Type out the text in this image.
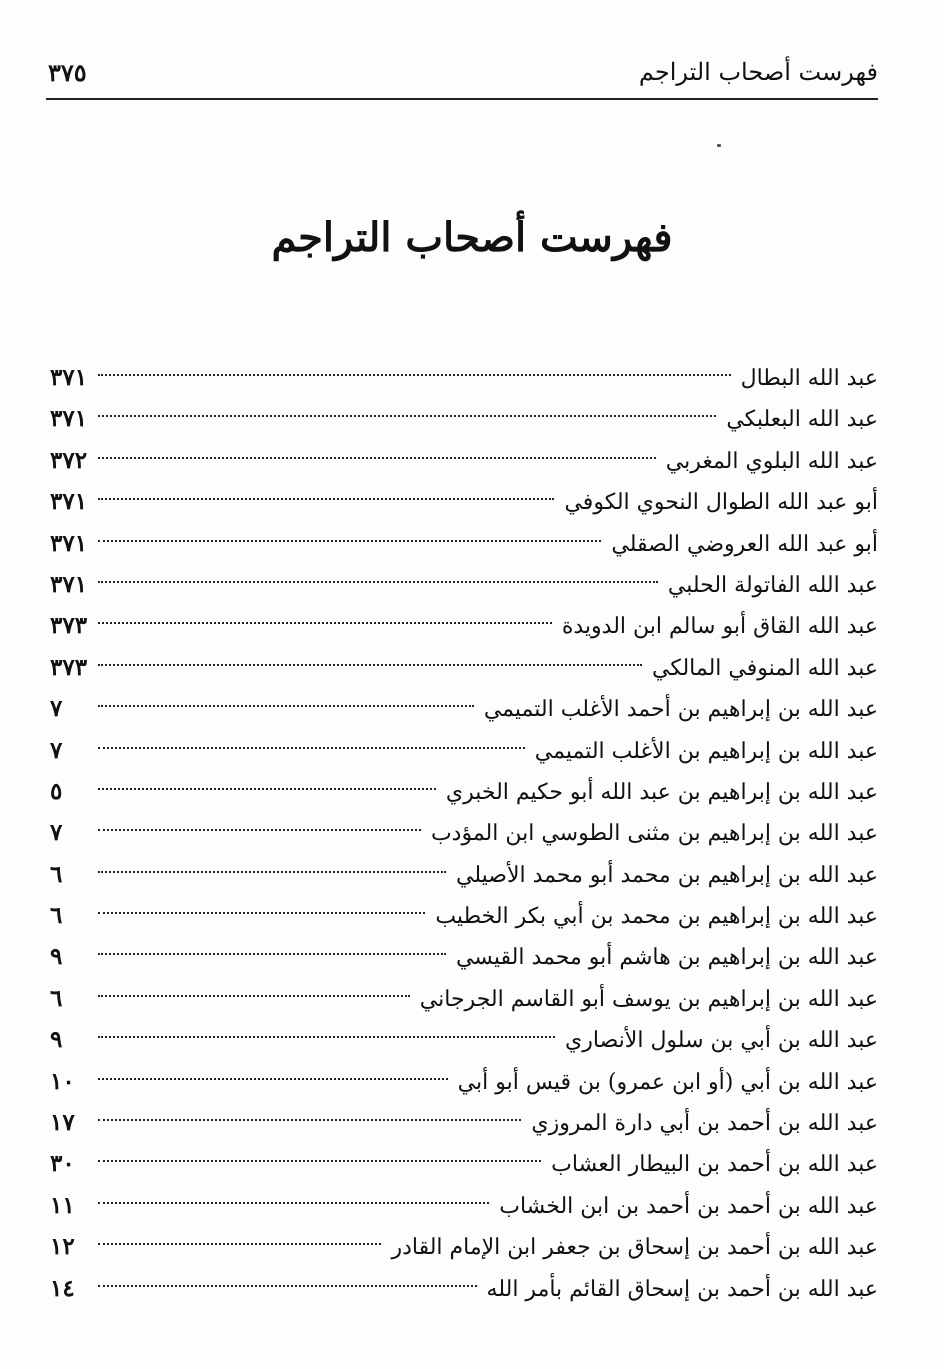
فهرست أصحاب التراجم
٣٧٥
فهرست أصحاب التراجم
عبد الله البطال
٣٧١
عبد الله البعلبكي
٣٧١
عبد الله البلوي المغربي
٣٧٢
أبو عبد الله الطوال النحوي الكوفي
٣٧١
أبو عبد الله العروضي الصقلي
٣٧١
عبد الله الفاتولة الحلبي
٣٧١
عبد الله القاق أبو سالم ابن الدويدة
٣٧٣
عبد الله المنوفي المالكي
٣٧٣
عبد الله بن إبراهيم بن أحمد الأغلب التميمي
٧
عبد الله بن إبراهيم بن الأغلب التميمي
٧
عبد الله بن إبراهيم بن عبد الله أبو حكيم الخبري
٥
عبد الله بن إبراهيم بن مثنى الطوسي ابن المؤدب
٧
عبد الله بن إبراهيم بن محمد أبو محمد الأصيلي
٦
عبد الله بن إبراهيم بن محمد بن أبي بكر الخطيب
٦
عبد الله بن إبراهيم بن هاشم أبو محمد القيسي
٩
عبد الله بن إبراهيم بن يوسف أبو القاسم الجرجاني
٦
عبد الله بن أبي بن سلول الأنصاري
٩
عبد الله بن أبي (أو ابن عمرو) بن قيس أبو أبي
١٠
عبد الله بن أحمد بن أبي دارة المروزي
١٧
عبد الله بن أحمد بن البيطار العشاب
٣٠
عبد الله بن أحمد بن أحمد بن ابن الخشاب
١١
عبد الله بن أحمد بن إسحاق بن جعفر ابن الإمام القادر
١٢
عبد الله بن أحمد بن إسحاق القائم بأمر الله
١٤
